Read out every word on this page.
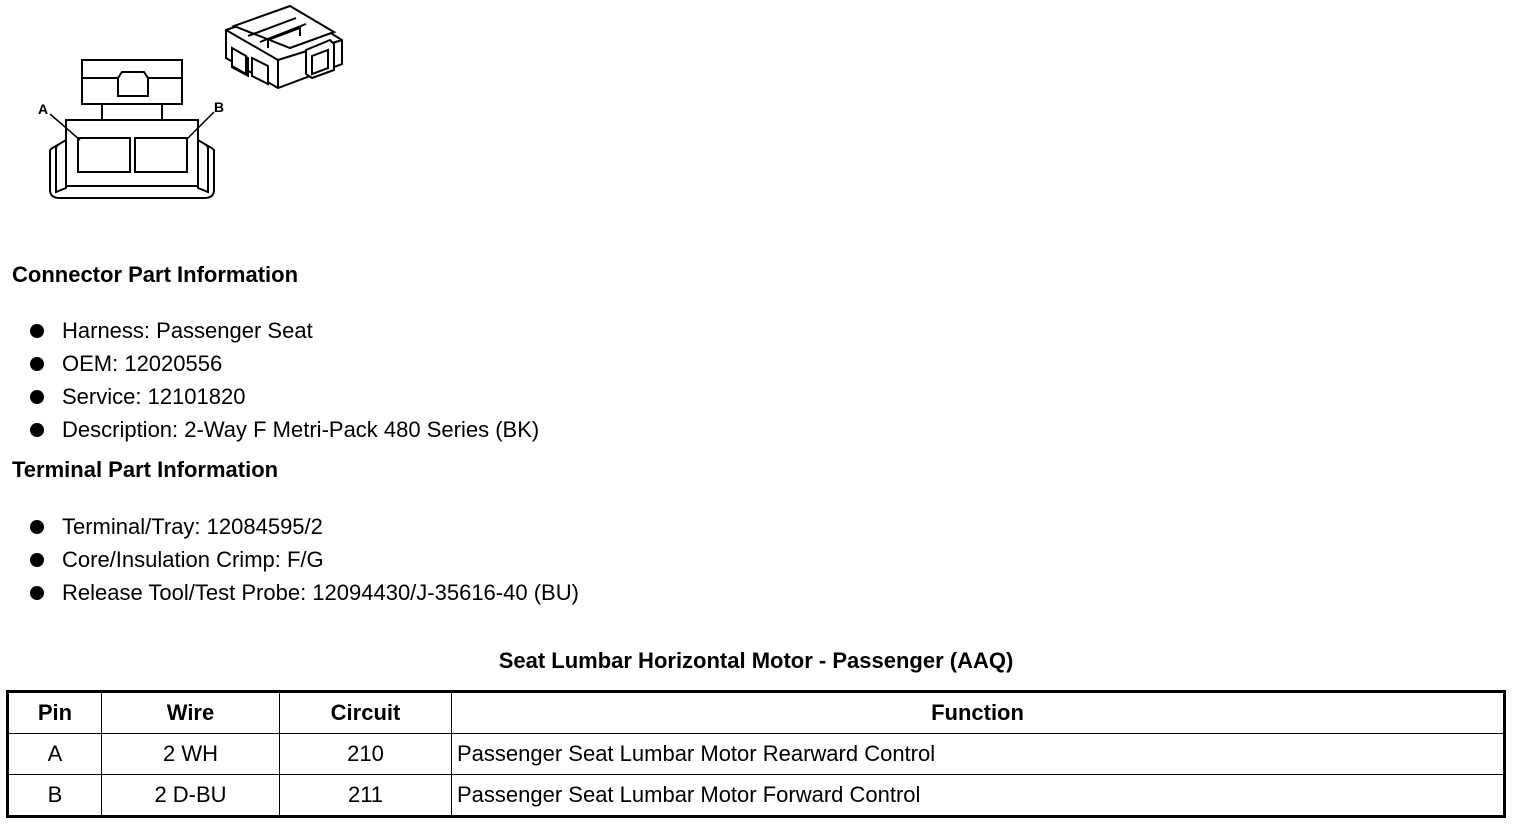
A	B
Connector Part Information
Harness: Passenger Seat
OEM: 12020556
Service: 12101820
Description: 2-Way F Metri-Pack 480 Series (BK)
Terminal Part Information
Terminal/Tray: 12084595/2
Core/Insulation Crimp: F/G
Release Tool/Test Probe: 12094430/J-35616-40 (BU)
Seat Lumbar Horizontal Motor - Passenger (AAQ)
Pin	Wire	Circuit	Function
A	2 WH	210	Passenger Seat Lumbar Motor Rearward Control
B	2 D-BU	211	Passenger Seat Lumbar Motor Forward Control
